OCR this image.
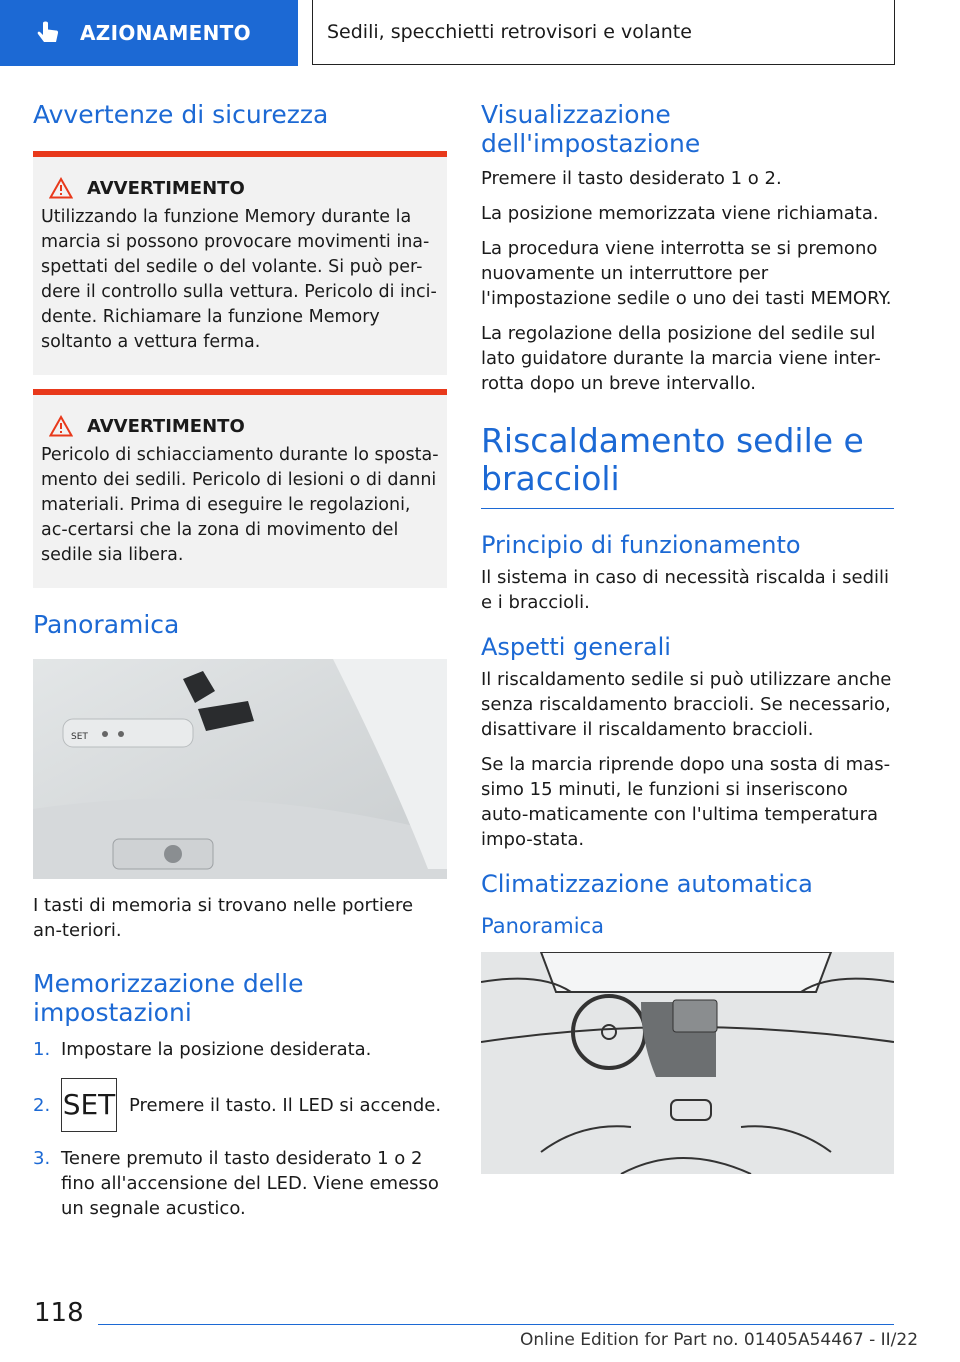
AZIONAMENTO	Sedili, specchietti retrovisori e volante
Avvertenze di sicurezza
AVVERTIMENTO

Utilizzando la funzione Memory durante la marcia si possono provocare movimenti ina-spettati del sedile o del volante. Si può per-dere il controllo sulla vettura. Pericolo di inci-dente. Richiamare la funzione Memory soltanto a vettura ferma.

AVVERTIMENTO

Pericolo di schiacciamento durante lo sposta-mento dei sedili. Pericolo di lesioni o di danni materiali. Prima di eseguire le regolazioni, ac-certarsi che la zona di movimento del sedile sia libera.

Panoramica
SET

I tasti di memoria si trovano nelle portiere an-teriori.

Memorizzazione delle impostazioni
1. Impostare la posizione desiderata.
2. SET Premere il tasto. Il LED si accende.
3. Tenere premuto il tasto desiderato 1 o 2 fino all'accensione del LED. Viene emesso un segnale acustico.
Visualizzazione dell'impostazione

Premere il tasto desiderato 1 o 2.

La posizione memorizzata viene richiamata.

La procedura viene interrotta se si premono nuovamente un interruttore per l'impostazione sedile o uno dei tasti MEMORY.

La regolazione della posizione del sedile sul lato guidatore durante la marcia viene inter-rotta dopo un breve intervallo.

Riscaldamento sedile e braccioli
Principio di funzionamento

Il sistema in caso di necessità riscalda i sedili e i braccioli.

Aspetti generali

Il riscaldamento sedile si può utilizzare anche senza riscaldamento braccioli. Se necessario, disattivare il riscaldamento braccioli.

Se la marcia riprende dopo una sosta di mas-simo 15 minuti, le funzioni si inseriscono auto-maticamente con l'ultima temperatura impo-stata.

Climatizzazione automatica
Panoramica
118
Online Edition for Part no. 01405A54467 - II/22
